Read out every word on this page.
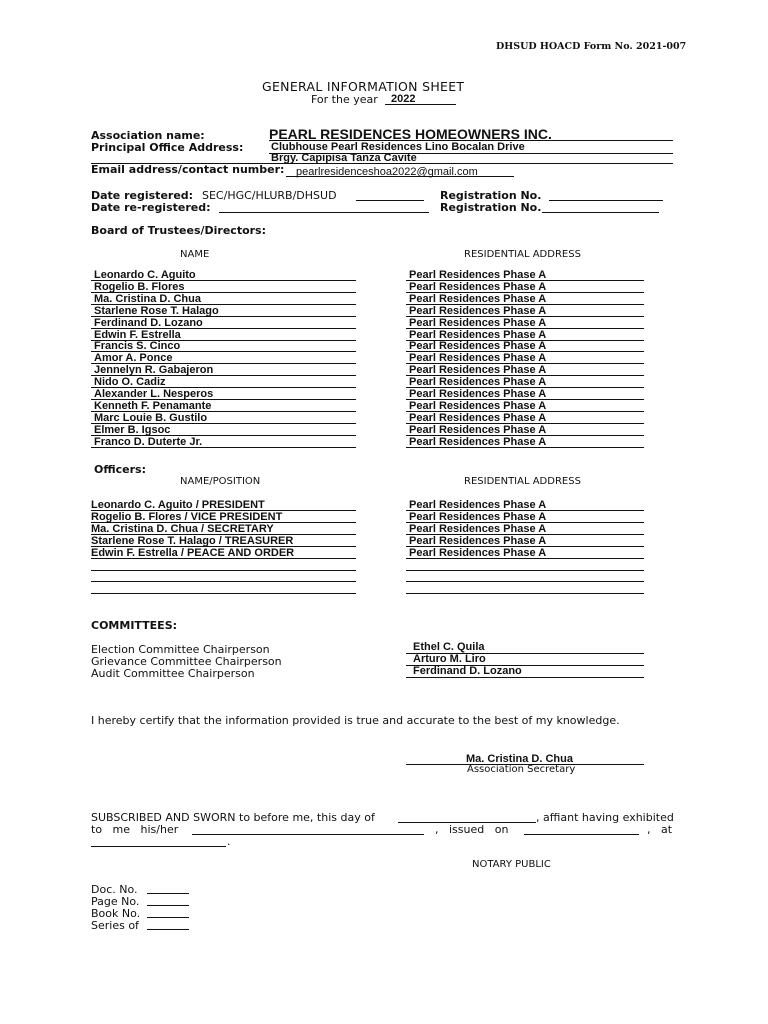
DHSUD HOACD Form No. 2021-007
GENERAL INFORMATION SHEET
For the year 2022
Association name:	PEARL RESIDENCES HOMEOWNERS INC.
Principal Office Address:	Clubhouse Pearl Residences Lino Bocalan Drive
Brgy. Capipisa Tanza Cavite
Email address/contact number: pearlresidenceshoa2022@gmail.com
Date registered: SEC/HGC/HLURB/DHSUD	Registration No.
Date re-registered:	Registration No.
Board of Trustees/Directors:
NAME	RESIDENTIAL ADDRESS
Leonardo C. Aguito	Pearl Residences Phase A
Rogelio B. Flores	Pearl Residences Phase A
Ma. Cristina D. Chua	Pearl Residences Phase A
Starlene Rose T. Halago	Pearl Residences Phase A
Ferdinand D. Lozano	Pearl Residences Phase A
Edwin F. Estrella	Pearl Residences Phase A
Francis S. Cinco	Pearl Residences Phase A
Amor A. Ponce	Pearl Residences Phase A
Jennelyn R. Gabajeron	Pearl Residences Phase A
Nido O. Cadiz	Pearl Residences Phase A
Alexander L. Nesperos	Pearl Residences Phase A
Kenneth F. Penamante	Pearl Residences Phase A
Marc Louie B. Gustilo	Pearl Residences Phase A
Elmer B. Igsoc	Pearl Residences Phase A
Franco D. Duterte Jr.	Pearl Residences Phase A
Officers:
NAME/POSITION	RESIDENTIAL ADDRESS
Leonardo C. Aguito / PRESIDENT	Pearl Residences Phase A
Rogelio B. Flores / VICE PRESIDENT	Pearl Residences Phase A
Ma. Cristina D. Chua / SECRETARY	Pearl Residences Phase A
Starlene Rose T. Halago / TREASURER	Pearl Residences Phase A
Edwin F. Estrella / PEACE AND ORDER	Pearl Residences Phase A
COMMITTEES:
Election Committee Chairperson	Ethel C. Quila
Grievance Committee Chairperson	Arturo M. Liro
Audit Committee Chairperson	Ferdinand D. Lozano
I hereby certify that the information provided is true and accurate to the best of my knowledge.
Ma. Cristina D. Chua
Association Secretary
SUBSCRIBED AND SWORN to before me, this day of	, affiant having exhibited
to   me   his/her	,   issued   on	,   at
.
NOTARY PUBLIC
Doc. No.
Page No.
Book No.
Series of
